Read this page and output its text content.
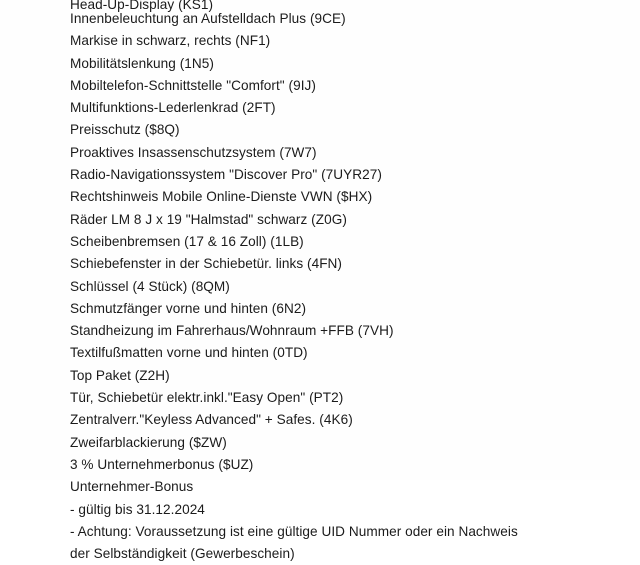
Head-Up-Display (KS1)
Innenbeleuchtung an Aufstelldach Plus (9CE)
Markise in schwarz, rechts (NF1)
Mobilitätslenkung (1N5)
Mobiltelefon-Schnittstelle "Comfort" (9IJ)
Multifunktions-Lederlenkrad (2FT)
Preisschutz ($8Q)
Proaktives Insassenschutzsystem (7W7)
Radio-Navigationssystem "Discover Pro" (7UYR27)
Rechtshinweis Mobile Online-Dienste VWN ($HX)
Räder LM 8 J x 19 "Halmstad" schwarz (Z0G)
Scheibenbremsen (17 & 16 Zoll) (1LB)
Schiebefenster in der Schiebetür. links (4FN)
Schlüssel (4 Stück) (8QM)
Schmutzfänger vorne und hinten (6N2)
Standheizung im Fahrerhaus/Wohnraum +FFB (7VH)
Textilfußmatten vorne und hinten (0TD)
Top Paket (Z2H)
Tür, Schiebetür elektr.inkl."Easy Open" (PT2)
Zentralverr."Keyless Advanced" + Safes. (4K6)
Zweifarblackierung ($ZW)
3 % Unternehmerbonus ($UZ)
Unternehmer-Bonus
- gültig bis 31.12.2024
- Achtung: Voraussetzung ist eine gültige UID Nummer oder ein Nachweis
der Selbständigkeit (Gewerbeschein)
